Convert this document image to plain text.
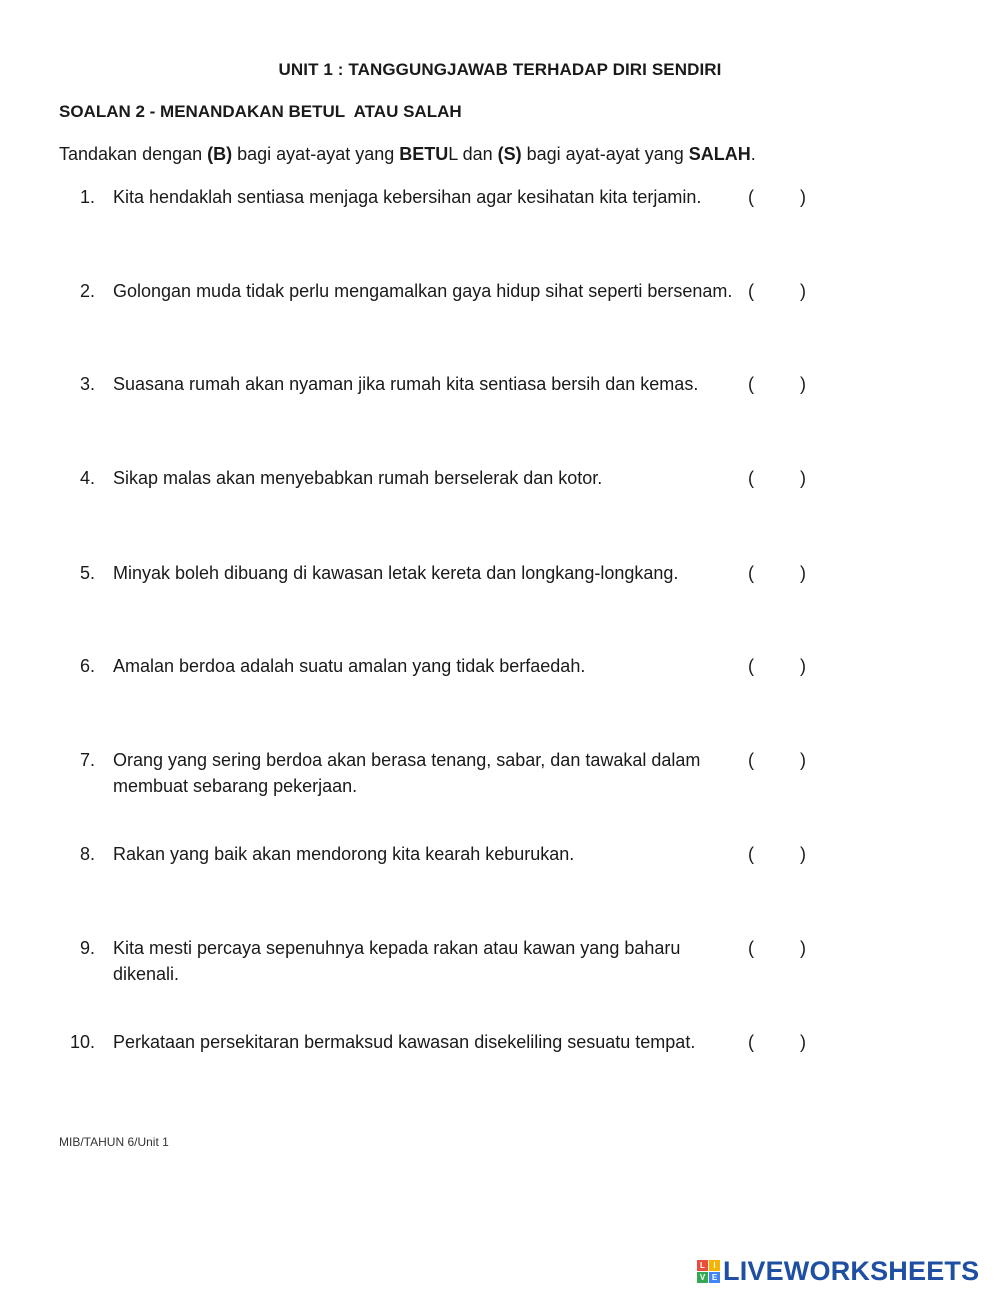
UNIT 1 : TANGGUNGJAWAB TERHADAP DIRI SENDIRI
SOALAN 2 - MENANDAKAN BETUL  ATAU SALAH
Tandakan dengan (B) bagi ayat-ayat yang BETUL dan (S) bagi ayat-ayat yang SALAH.
1. Kita hendaklah sentiasa menjaga kebersihan agar kesihatan kita terjamin.	(	)
2. Golongan muda tidak perlu mengamalkan gaya hidup sihat seperti bersenam. (	)
3. Suasana rumah akan nyaman jika rumah kita sentiasa bersih dan kemas.	(	)
4. Sikap malas akan menyebabkan rumah berselerak dan kotor.	(	)
5. Minyak boleh dibuang di kawasan letak kereta dan longkang-longkang.	(	)
6. Amalan berdoa adalah suatu amalan yang tidak berfaedah.	(	)
7. Orang yang sering berdoa akan berasa tenang, sabar, dan tawakal dalam membuat sebarang pekerjaan.
(	)
8. Rakan yang baik akan mendorong kita kearah keburukan.	(	)
9. Kita mesti percaya sepenuhnya kepada rakan atau kawan yang baharu dikenali.
(	)
10. Perkataan persekitaran bermaksud kawasan disekeliling sesuatu tempat.	(	)
MIB/TAHUN 6/Unit 1
L	I
V E LIVEWORKSHEETS
